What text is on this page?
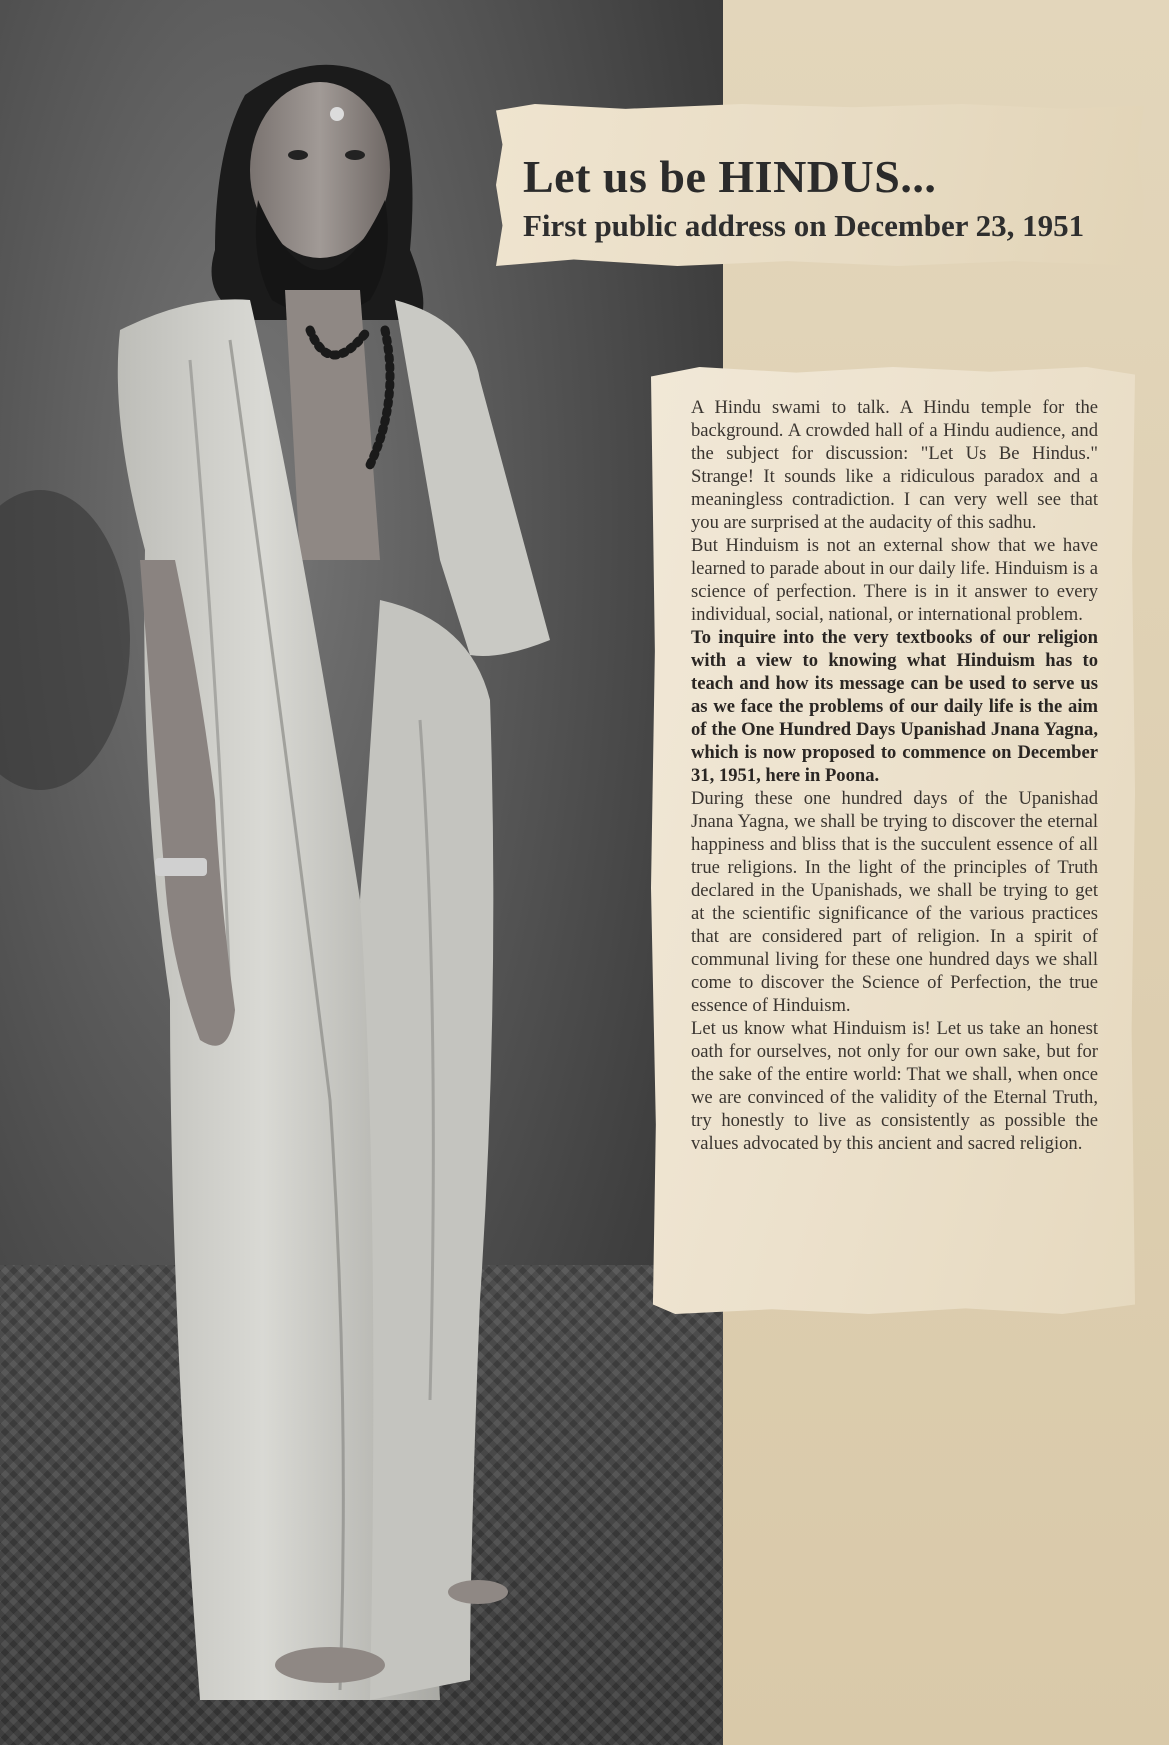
Let us be HINDUS...
First public address on December 23, 1951

A Hindu swami to talk. A Hindu temple for the background. A crowded hall of a Hindu audience, and the subject for discussion: "Let Us Be Hindus." Strange! It sounds like a ridiculous paradox and a meaningless contradiction. I can very well see that you are surprised at the audacity of this sadhu.

But Hinduism is not an external show that we have learned to parade about in our daily life. Hinduism is a science of perfection. There is in it answer to every individual, social, national, or international problem.

To inquire into the very textbooks of our religion with a view to knowing what Hinduism has to teach and how its message can be used to serve us as we face the problems of our daily life is the aim of the One Hundred Days Upanishad Jnana Yagna, which is now proposed to commence on December 31, 1951, here in Poona.

During these one hundred days of the Upanishad Jnana Yagna, we shall be trying to discover the eternal happiness and bliss that is the succulent essence of all true religions. In the light of the principles of Truth declared in the Upanishads, we shall be trying to get at the scientific significance of the various practices that are considered part of religion. In a spirit of communal living for these one hundred days we shall come to discover the Science of Perfection, the true essence of Hinduism.

Let us know what Hinduism is! Let us take an honest oath for ourselves, not only for our own sake, but for the sake of the entire world: That we shall, when once we are convinced of the validity of the Eternal Truth, try honestly to live as consistently as possible the values advocated by this ancient and sacred religion.
